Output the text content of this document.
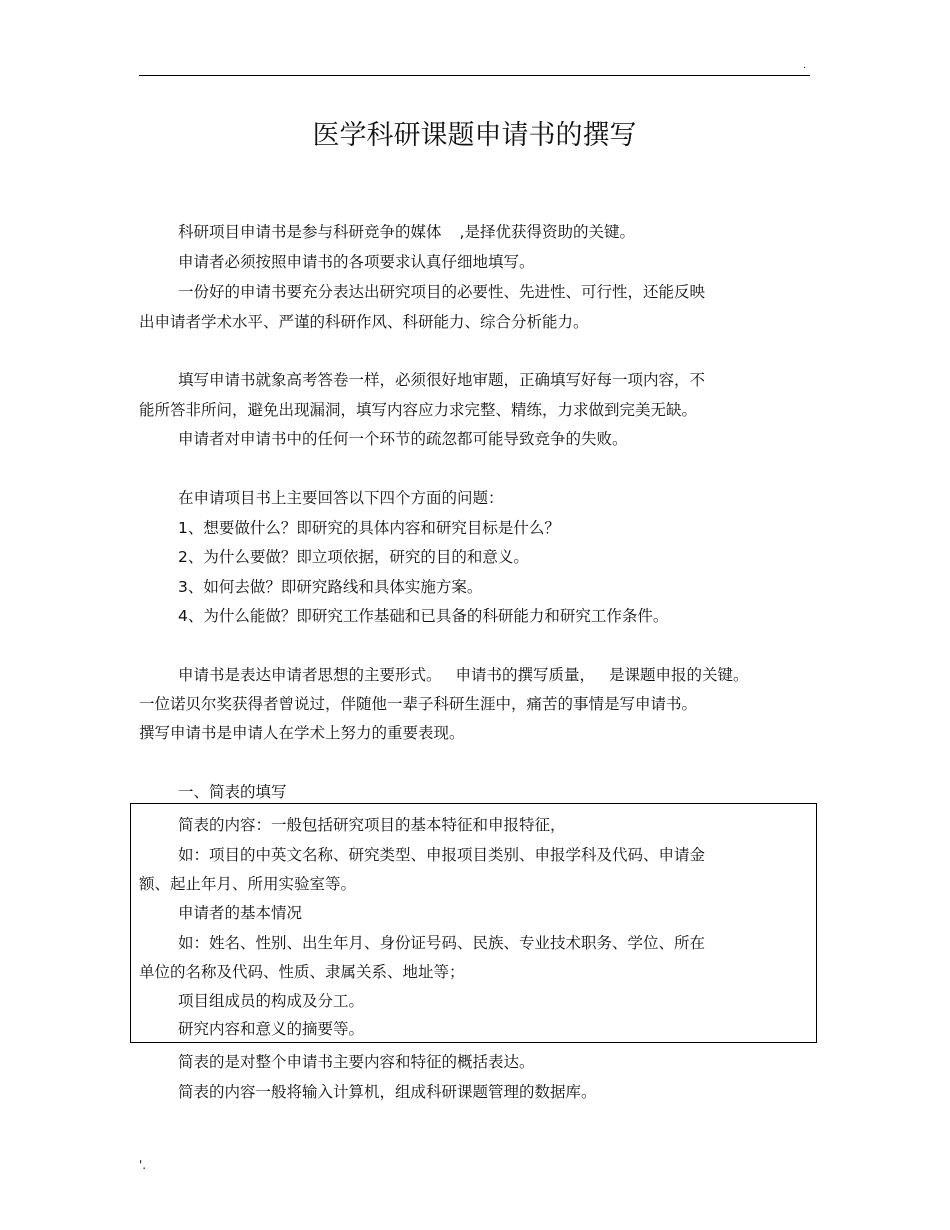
.
医学科研课题申请书的撰写
科研项目申请书是参与科研竞争的媒体 ,是择优获得资助的关键。
申请者必须按照申请书的各项要求认真仔细地填写。
一份好的申请书要充分表达出研究项目的必要性、先进性、可行性，还能反映
出申请者学术水平、严谨的科研作风、科研能力、综合分析能力。
填写申请书就象高考答卷一样，必须很好地审题，正确填写好每一项内容，不
能所答非所问，避免出现漏洞，填写内容应力求完整、精练，力求做到完美无缺。
申请者对申请书中的任何一个环节的疏忽都可能导致竞争的失败。
在申请项目书上主要回答以下四个方面的问题：
1、想要做什么？即研究的具体内容和研究目标是什么？
2、为什么要做？即立项依据，研究的目的和意义。
3、如何去做？即研究路线和具体实施方案。
4、为什么能做？即研究工作基础和已具备的科研能力和研究工作条件。
申请书是表达申请者思想的主要形式。 申请书的撰写质量， 是课题申报的关键。
一位诺贝尔奖获得者曾说过，伴随他一辈子科研生涯中，痛苦的事情是写申请书。
撰写申请书是申请人在学术上努力的重要表现。
一、简表的填写
简表的内容：一般包括研究项目的基本特征和申报特征，
如：项目的中英文名称、研究类型、申报项目类别、申报学科及代码、申请金
额、起止年月、所用实验室等。
申请者的基本情况
如：姓名、性别、出生年月、身份证号码、民族、专业技术职务、学位、所在
单位的名称及代码、性质、隶属关系、地址等；
项目组成员的构成及分工。
研究内容和意义的摘要等。
简表的是对整个申请书主要内容和特征的概括表达。
简表的内容一般将输入计算机，组成科研课题管理的数据库。
'.
